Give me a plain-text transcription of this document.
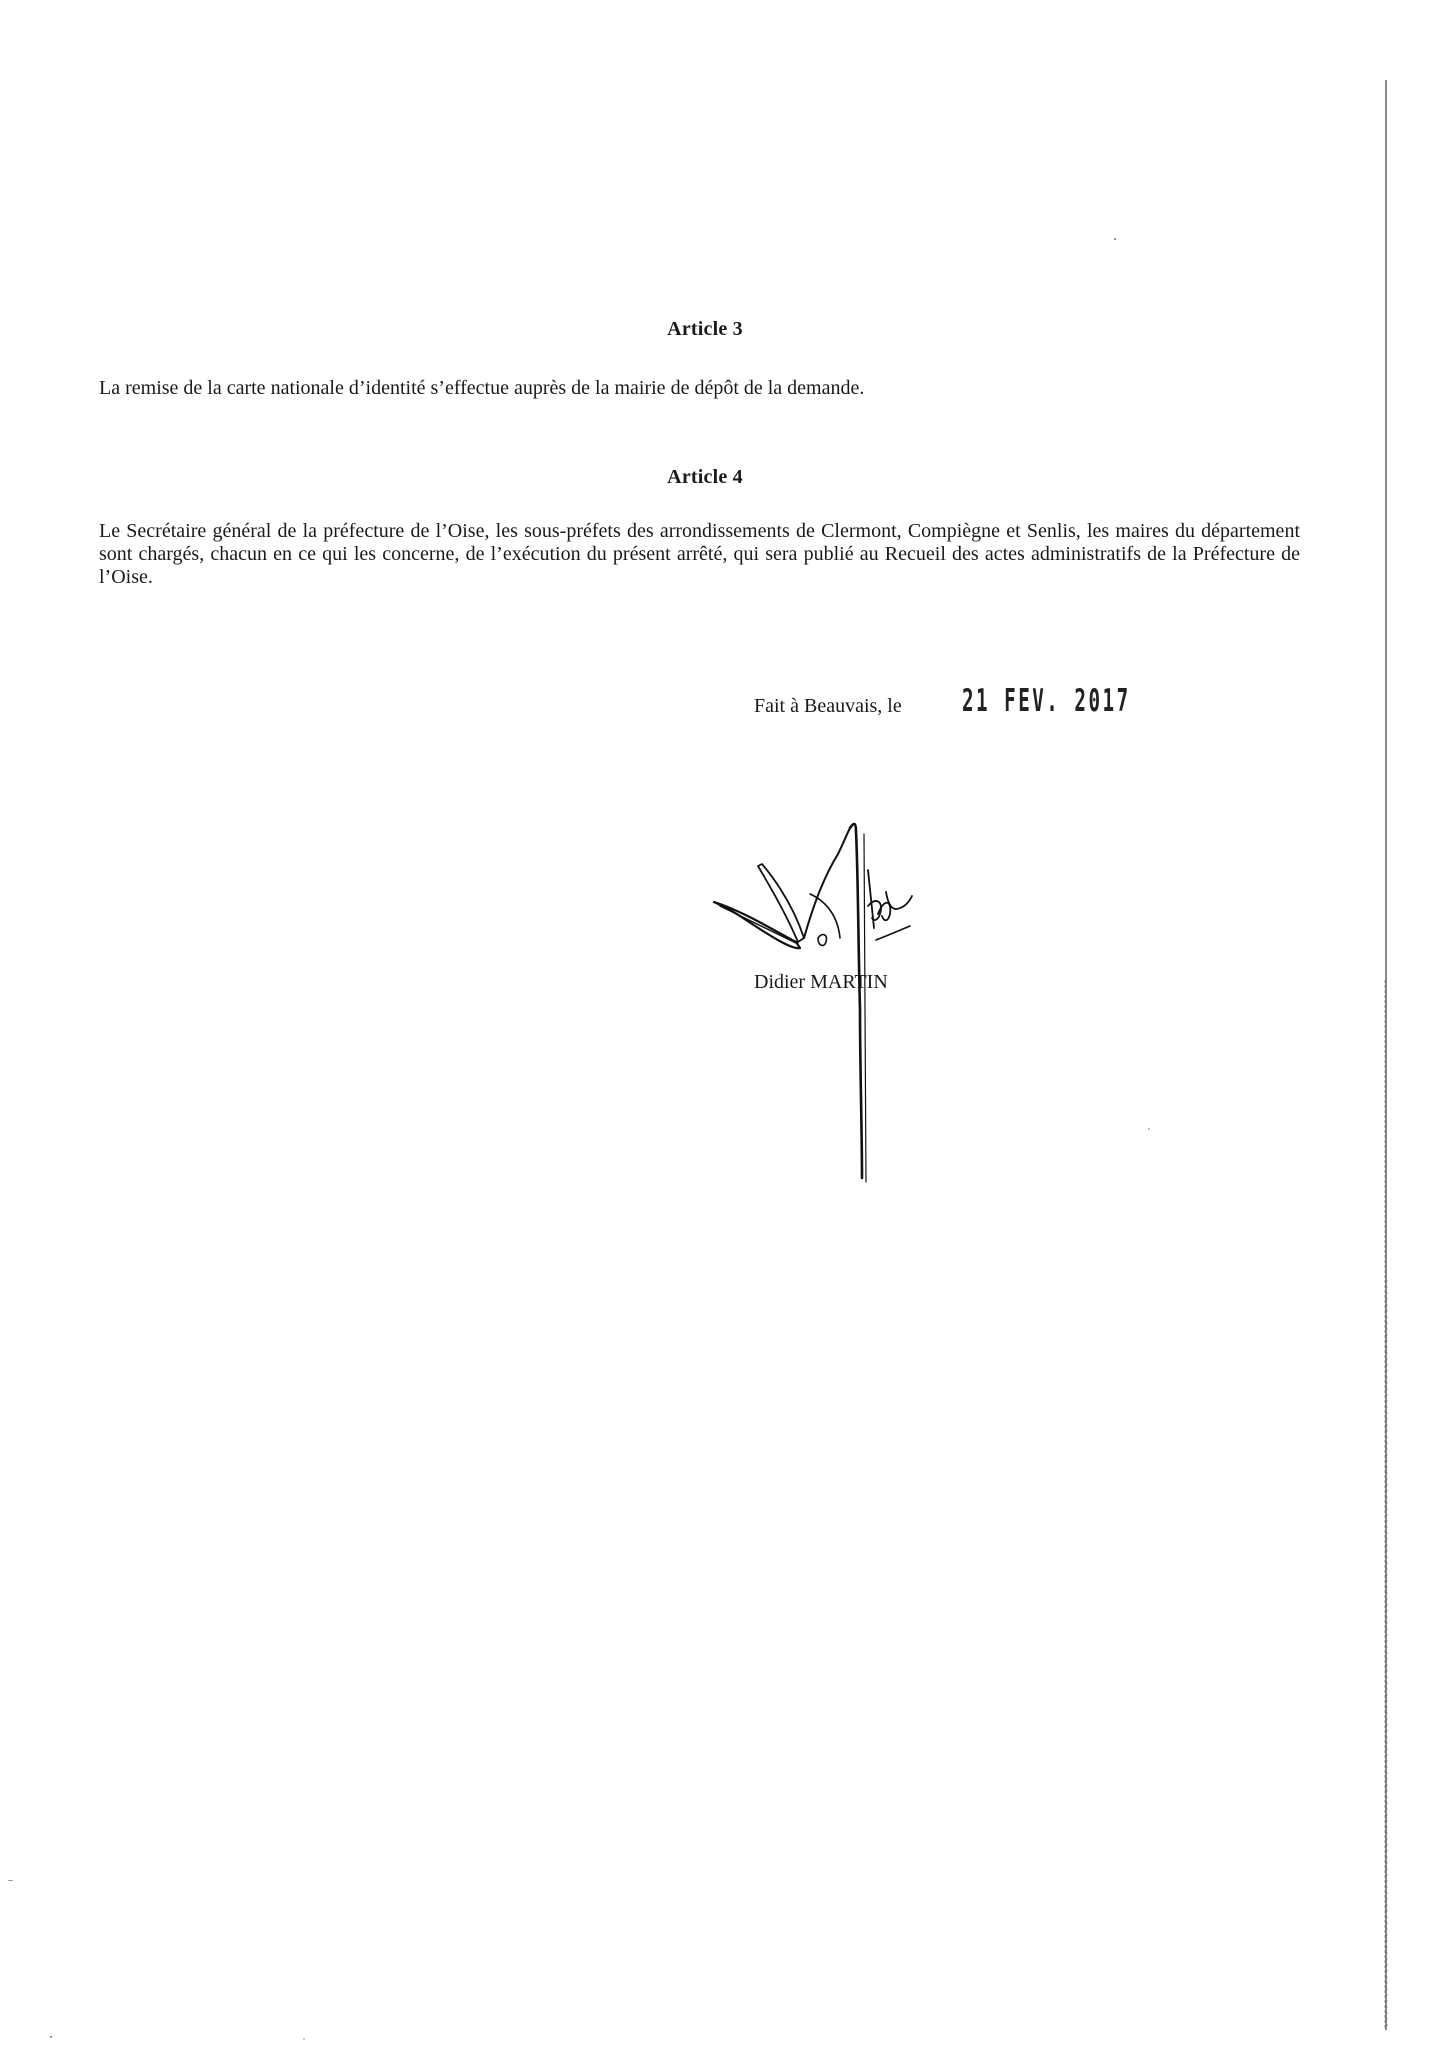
Article 3
La remise de la carte nationale d’identité s’effectue auprès de la mairie de dépôt de la demande.
Article 4
Le Secrétaire général de la préfecture de l’Oise, les sous-préfets des arrondissements de Clermont, Compiègne et Senlis, les maires du département sont chargés, chacun en ce qui les concerne, de l’exécution du présent arrêté, qui sera publié au Recueil des actes administratifs de la Préfecture de l’Oise.
Fait à Beauvais, le 21 FEV. 2017
Didier MARTIN
